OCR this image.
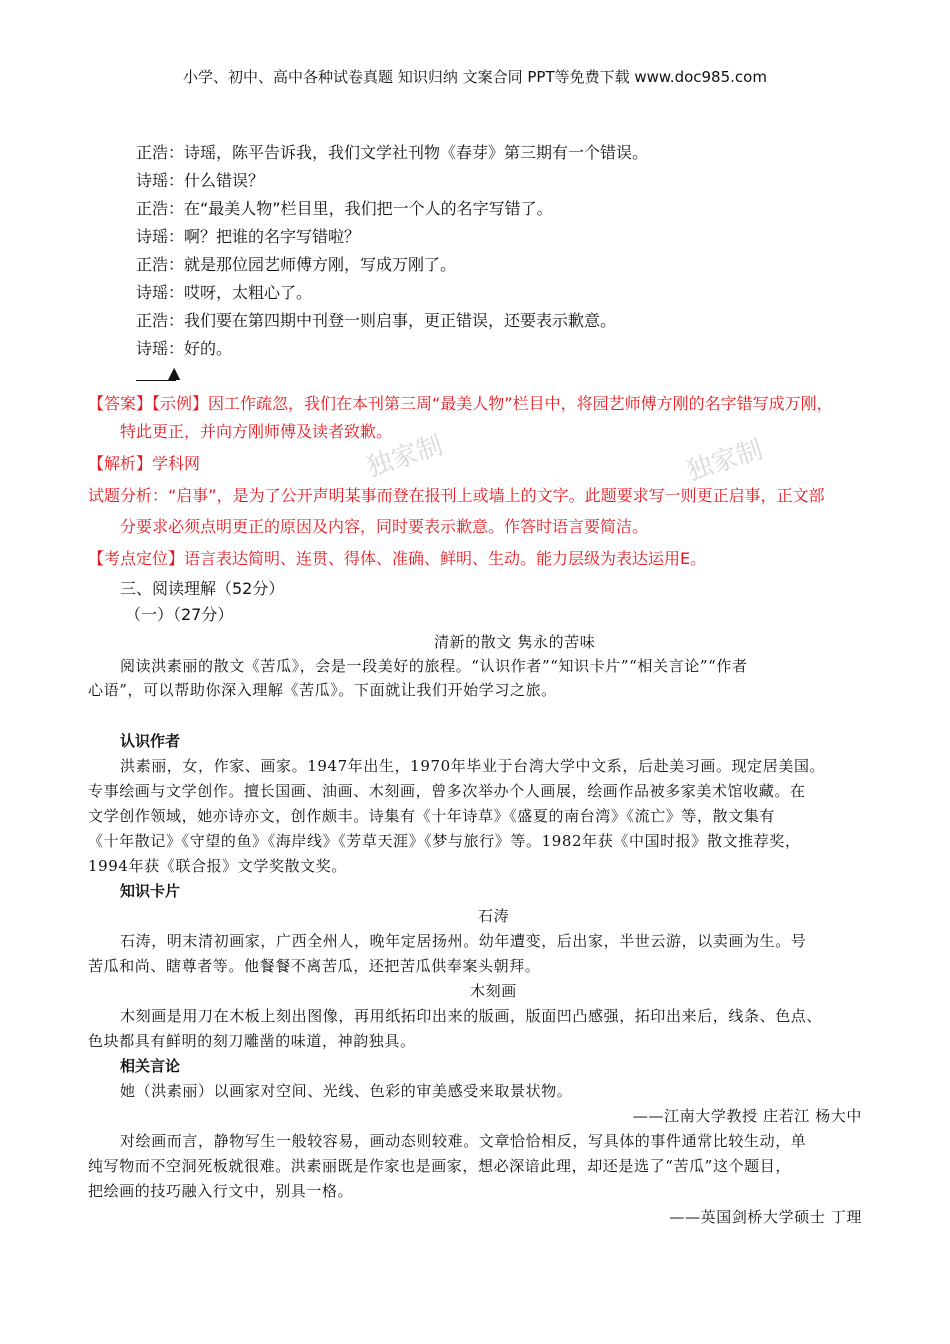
小学、初中、高中各种试卷真题 知识归纳 文案合同 PPT等免费下载 www.doc985.com
独家制	独家制
正浩：诗瑶，陈平告诉我，我们文学社刊物《春芽》第三期有一个错误。
诗瑶：什么错误？
正浩：在“最美人物”栏目里，我们把一个人的名字写错了。
诗瑶：啊？把谁的名字写错啦？
正浩：就是那位园艺师傅方刚，写成万刚了。
诗瑶：哎呀，太粗心了。
正浩：我们要在第四期中刊登一则启事，更正错误，还要表示歉意。
诗瑶：好的。
▲
【答案】【示例】因工作疏忽，我们在本刊第三周“最美人物”栏目中，将园艺师傅方刚的名字错写成万刚，
特此更正，并向方刚师傅及读者致歉。
【解析】学科网
试题分析：“启事”，是为了公开声明某事而登在报刊上或墙上的文字。此题要求写一则更正启事，正文部
分要求必须点明更正的原因及内容，同时要表示歉意。作答时语言要简洁。
【考点定位】语言表达简明、连贯、得体、准确、鲜明、生动。能力层级为表达运用E。
三、阅读理解（52分）
（一）（27分）
清新的散文 隽永的苦味
阅读洪素丽的散文《苦瓜》，会是一段美好的旅程。“认识作者”“知识卡片”“相关言论”“作者
心语”，可以帮助你深入理解《苦瓜》。下面就让我们开始学习之旅。
认识作者
洪素丽，女，作家、画家。1947年出生，1970年毕业于台湾大学中文系，后赴美习画。现定居美国。
专事绘画与文学创作。擅长国画、油画、木刻画，曾多次举办个人画展，绘画作品被多家美术馆收藏。在
文学创作领域，她亦诗亦文，创作颇丰。诗集有《十年诗草》《盛夏的南台湾》《流亡》等，散文集有
《十年散记》《守望的鱼》《海岸线》《芳草天涯》《梦与旅行》等。1982年获《中国时报》散文推荐奖，
1994年获《联合报》文学奖散文奖。
知识卡片
石涛
石涛，明末清初画家，广西全州人，晚年定居扬州。幼年遭变，后出家，半世云游，以卖画为生。号
苦瓜和尚、瞎尊者等。他餐餐不离苦瓜，还把苦瓜供奉案头朝拜。
木刻画
木刻画是用刀在木板上刻出图像，再用纸拓印出来的版画，版面凹凸感强，拓印出来后，线条、色点、
色块都具有鲜明的刻刀雕凿的味道，神韵独具。
相关言论
她（洪素丽）以画家对空间、光线、色彩的审美感受来取景状物。
——江南大学教授 庄若江 杨大中
对绘画而言，静物写生一般较容易，画动态则较难。文章恰恰相反，写具体的事件通常比较生动，单
纯写物而不空洞死板就很难。洪素丽既是作家也是画家，想必深谙此理，却还是选了“苦瓜”这个题目，
把绘画的技巧融入行文中，别具一格。
——英国剑桥大学硕士 丁理
